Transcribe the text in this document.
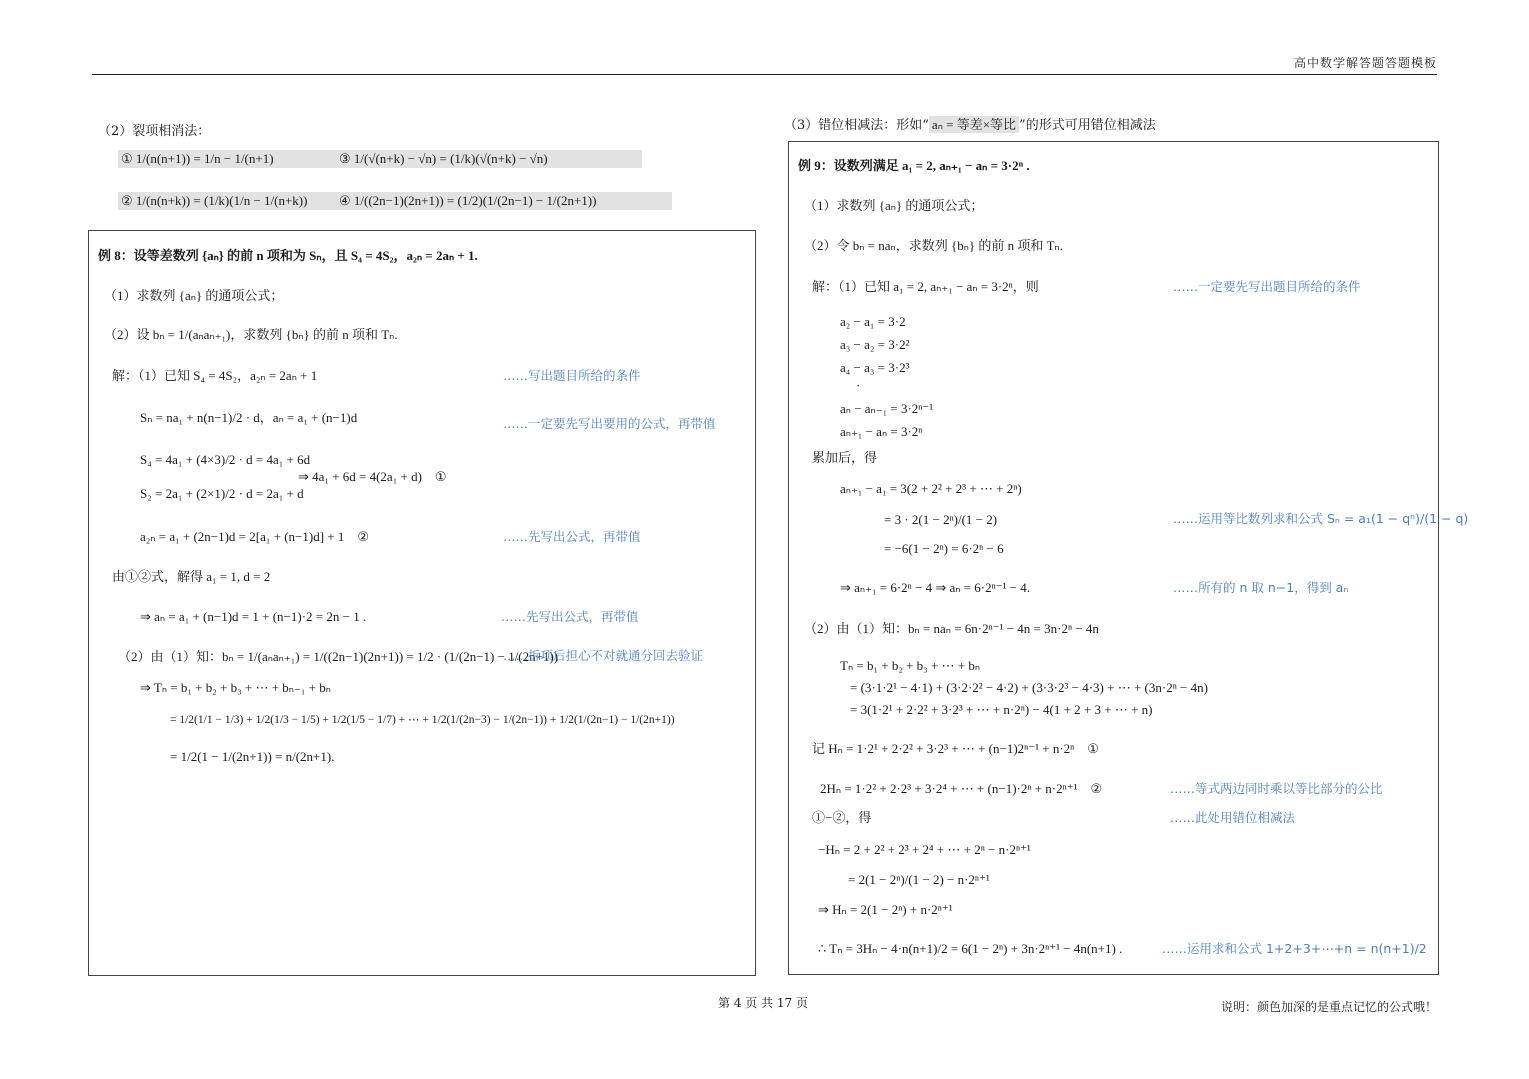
高中数学解答题答题模板
（2）裂项相消法：
① 1/(n(n+1)) = 1/n − 1/(n+1)	③ 1/(√(n+k) − √n) = (1/k)(√(n+k) − √n)
② 1/(n(n+k)) = (1/k)(1/n − 1/(n+k))	④ 1/((2n−1)(2n+1)) = (1/2)(1/(2n−1) − 1/(2n+1))
例 8：设等差数列 {aₙ} 的前 n 项和为 Sₙ，且 S₄ = 4S₂，a₂ₙ = 2aₙ + 1.
（1）求数列 {aₙ} 的通项公式；
（2）设 bₙ = 1/(aₙaₙ₊₁)，求数列 {bₙ} 的前 n 项和 Tₙ.
解：（1）已知 S₄ = 4S₂，a₂ₙ = 2aₙ + 1
Sₙ = na₁ + n(n−1)/2 · d，aₙ = a₁ + (n−1)d
S₄ = 4a₁ + (4×3)/2 · d = 4a₁ + 6d
⇒ 4a₁ + 6d = 4(2a₁ + d)　①
S₂ = 2a₁ + (2×1)/2 · d = 2a₁ + d
a₂ₙ = a₁ + (2n−1)d = 2[a₁ + (n−1)d] + 1　②
由①②式，解得 a₁ = 1, d = 2
⇒ aₙ = a₁ + (n−1)d = 1 + (n−1)·2 = 2n − 1 .
（2）由（1）知：bₙ = 1/(aₙaₙ₊₁) = 1/((2n−1)(2n+1)) = 1/2 · (1/(2n−1) − 1/(2n+1))
⇒ Tₙ = b₁ + b₂ + b₃ + ⋯ + bₙ₋₁ + bₙ
= 1/2(1/1 − 1/3) + 1/2(1/3 − 1/5) + 1/2(1/5 − 1/7) + ⋯ + 1/2(1/(2n−3) − 1/(2n−1)) + 1/2(1/(2n−1) − 1/(2n+1))
= 1/2(1 − 1/(2n+1)) = n/(2n+1).
……写出题目所给的条件
……一定要先写出要用的公式，再带值
……先写出公式，再带值
……先写出公式，再带值
……拆项后担心不对就通分回去验证
（3）错位相减法：形如“ aₙ = 等差×等比 ”的形式可用错位相减法
例 9：设数列满足 a₁ = 2, aₙ₊₁ − aₙ = 3·2ⁿ .
（1）求数列 {aₙ} 的通项公式；
（2）令 bₙ = naₙ，求数列 {bₙ} 的前 n 项和 Tₙ.
解：（1）已知 a₁ = 2, aₙ₊₁ − aₙ = 3·2ⁿ，则
a₂ − a₁ = 3·2
a₃ − a₂ = 3·2²
a₄ − a₃ = 3·2³
·
aₙ − aₙ₋₁ = 3·2ⁿ⁻¹
aₙ₊₁ − aₙ = 3·2ⁿ
累加后，得
aₙ₊₁ − a₁ = 3(2 + 2² + 2³ + ⋯ + 2ⁿ)
= 3 · 2(1 − 2ⁿ)/(1 − 2)
= −6(1 − 2ⁿ) = 6·2ⁿ − 6
⇒ aₙ₊₁ = 6·2ⁿ − 4 ⇒ aₙ = 6·2ⁿ⁻¹ − 4.
（2）由（1）知：bₙ = naₙ = 6n·2ⁿ⁻¹ − 4n = 3n·2ⁿ − 4n
Tₙ = b₁ + b₂ + b₃ + ⋯ + bₙ
= (3·1·2¹ − 4·1) + (3·2·2² − 4·2) + (3·3·2³ − 4·3) + ⋯ + (3n·2ⁿ − 4n)
= 3(1·2¹ + 2·2² + 3·2³ + ⋯ + n·2ⁿ) − 4(1 + 2 + 3 + ⋯ + n)
记 Hₙ = 1·2¹ + 2·2² + 3·2³ + ⋯ + (n−1)2ⁿ⁻¹ + n·2ⁿ　①
2Hₙ = 1·2² + 2·2³ + 3·2⁴ + ⋯ + (n−1)·2ⁿ + n·2ⁿ⁺¹　②
①−②，得
−Hₙ = 2 + 2² + 2³ + 2⁴ + ⋯ + 2ⁿ − n·2ⁿ⁺¹
= 2(1 − 2ⁿ)/(1 − 2) − n·2ⁿ⁺¹
⇒ Hₙ = 2(1 − 2ⁿ) + n·2ⁿ⁺¹
∴ Tₙ = 3Hₙ − 4·n(n+1)/2 = 6(1 − 2ⁿ) + 3n·2ⁿ⁺¹ − 4n(n+1) .
……一定要先写出题目所给的条件
……运用等比数列求和公式 Sₙ = a₁(1 − qⁿ)/(1 − q)
……所有的 n 取 n−1，得到 aₙ
……等式两边同时乘以等比部分的公比
……此处用错位相减法
……运用求和公式 1+2+3+⋯+n = n(n+1)/2
第 4 页 共 17 页	说明：颜色加深的是重点记忆的公式哦！
